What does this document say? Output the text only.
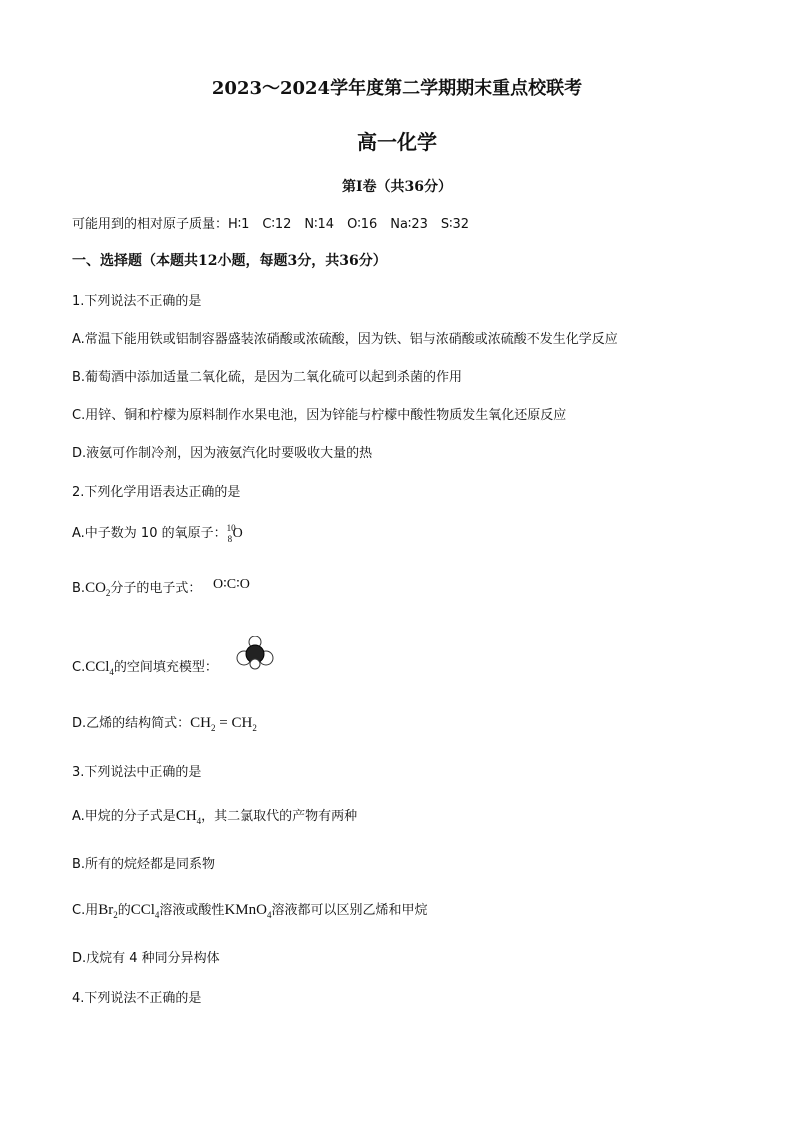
2023～2024学年度第二学期期末重点校联考
高一化学
第Ⅰ卷（共36分）
可能用到的相对原子质量：H∶1　C∶12　N∶14　O∶16　Na∶23　S∶32
一、选择题（本题共12小题，每题3分，共36分）
1.下列说法不正确的是
A.常温下能用铁或铝制容器盛装浓硝酸或浓硫酸，因为铁、铝与浓硝酸或浓硫酸不发生化学反应
B.葡萄酒中添加适量二氧化硫，是因为二氧化硫可以起到杀菌的作用
C.用锌、铜和柠檬为原料制作水果电池，因为锌能与柠檬中酸性物质发生氧化还原反应
D.液氨可作制冷剂，因为液氨汽化时要吸收大量的热
2.下列化学用语表达正确的是
A.中子数为 10 的氧原子： 10
8 O
$B.CO_2$分子的电子式： O∶C∶O
C.CCl$_4$的空间填充模型：
D.乙烯的结构简式：$CH_2 = CH_2$
3.下列说法中正确的是
A.甲烷的分子式是$CH_4$，其二氯取代的产物有两种
B.所有的烷烃都是同系物
C.用$Br_2$的CCl$_4$溶液或酸性KMnO$_4$溶液都可以区别乙烯和甲烷
D.戊烷有 4 种同分异构体
4.下列说法不正确的是
